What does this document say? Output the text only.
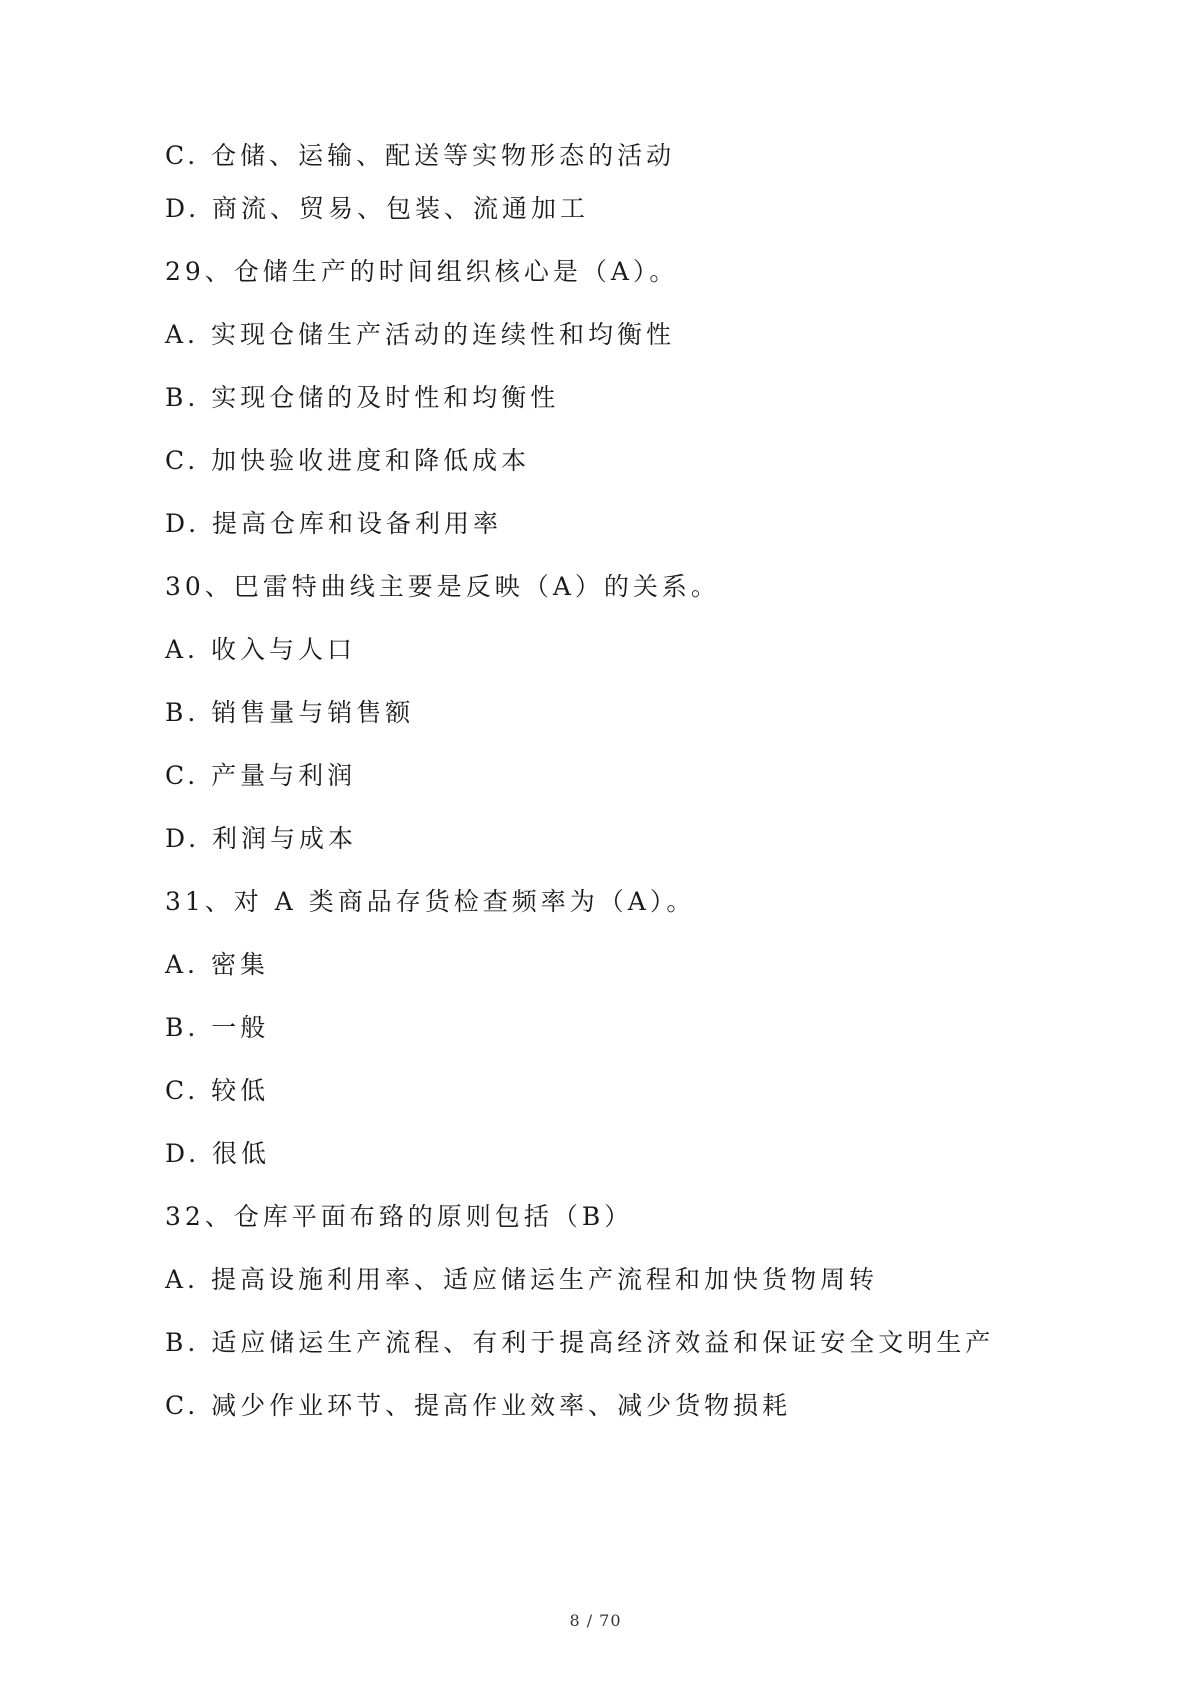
C. 仓储、运输、配送等实物形态的活动
D. 商流、贸易、包装、流通加工
29、仓储生产的时间组织核心是（A）。
A. 实现仓储生产活动的连续性和均衡性
B. 实现仓储的及时性和均衡性
C. 加快验收进度和降低成本
D. 提高仓库和设备利用率
30、巴雷特曲线主要是反映（A）的关系。
A. 收入与人口
B. 销售量与销售额
C. 产量与利润
D. 利润与成本
31、对 A 类商品存货检查频率为（A）。
A. 密集
B. 一般
C. 较低
D. 很低
32、仓库平面布臵的原则包括（B）
A. 提高设施利用率、适应储运生产流程和加快货物周转
B. 适应储运生产流程、有利于提高经济效益和保证安全文明生产
C. 减少作业环节、提高作业效率、减少货物损耗
8 / 70
